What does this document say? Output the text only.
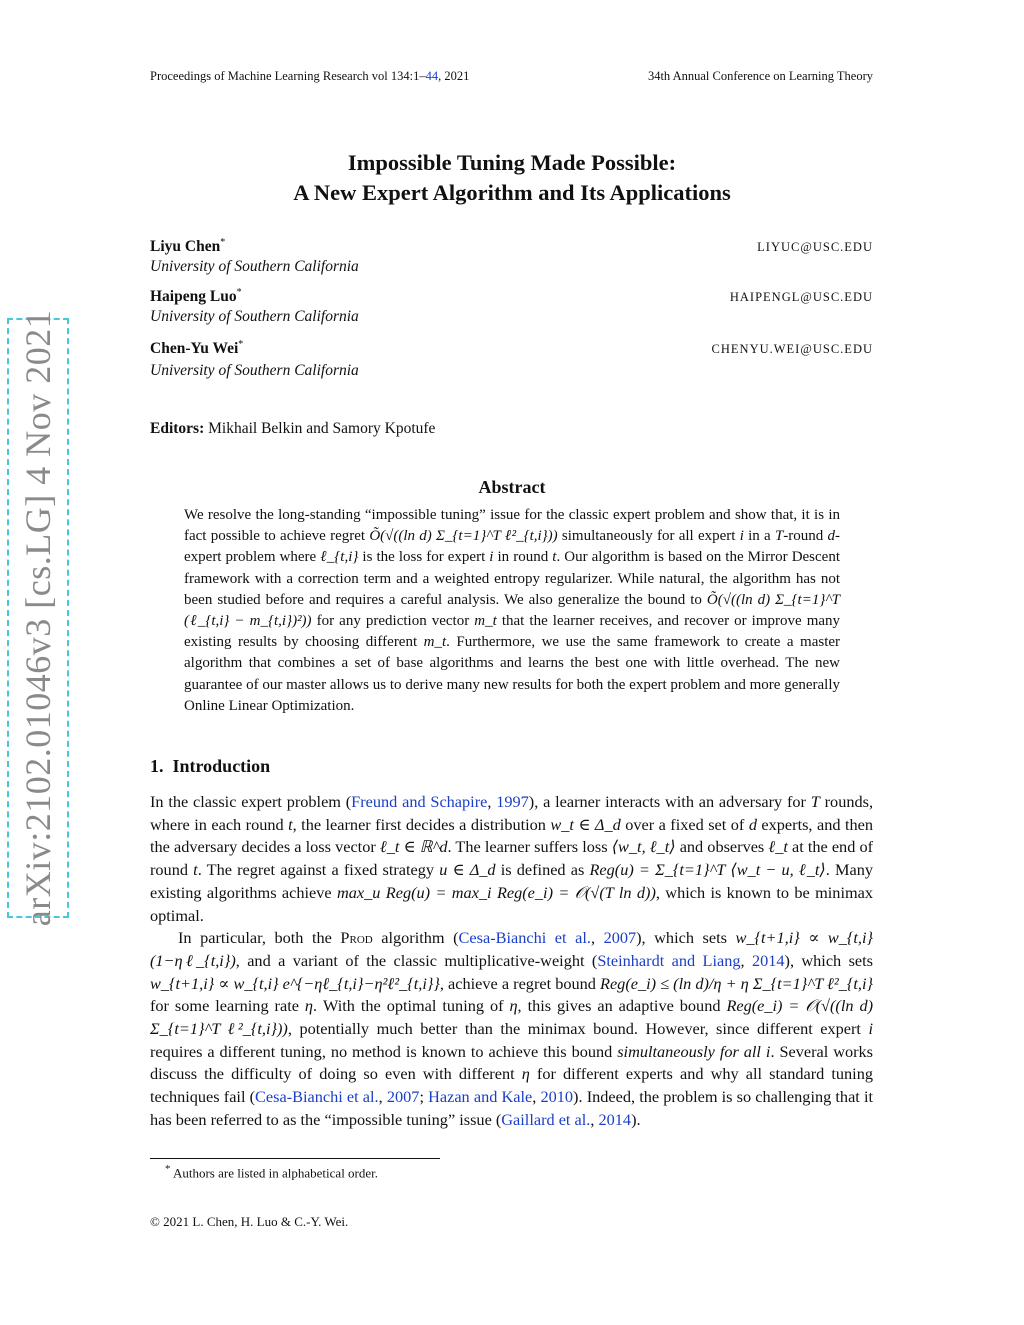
Proceedings of Machine Learning Research vol 134:1–44, 2021	34th Annual Conference on Learning Theory
arXiv:2102.01046v3 [cs.LG] 4 Nov 2021
Impossible Tuning Made Possible:
A New Expert Algorithm and Its Applications
Liyu Chen*	LIYUC@USC.EDU
University of Southern California
Haipeng Luo*	HAIPENGL@USC.EDU
University of Southern California
Chen-Yu Wei*	CHENYU.WEI@USC.EDU
University of Southern California
Editors: Mikhail Belkin and Samory Kpotufe
Abstract
We resolve the long-standing “impossible tuning” issue for the classic expert problem and show that, it is in fact possible to achieve regret Õ(√((ln d) Σ_{t=1}^T ℓ²_{t,i})) simultaneously for all expert i in a T-round d-expert problem where ℓ_{t,i} is the loss for expert i in round t. Our algorithm is based on the Mirror Descent framework with a correction term and a weighted entropy regularizer. While natural, the algorithm has not been studied before and requires a careful analysis. We also generalize the bound to Õ(√((ln d) Σ_{t=1}^T (ℓ_{t,i} − m_{t,i})²)) for any prediction vector m_t that the learner receives, and recover or improve many existing results by choosing different m_t. Furthermore, we use the same framework to create a master algorithm that combines a set of base algorithms and learns the best one with little overhead. The new guarantee of our master allows us to derive many new results for both the expert problem and more generally Online Linear Optimization.
1. Introduction

In the classic expert problem (Freund and Schapire, 1997), a learner interacts with an adversary for T rounds, where in each round t, the learner first decides a distribution w_t ∈ Δ_d over a fixed set of d experts, and then the adversary decides a loss vector ℓ_t ∈ ℝ^d. The learner suffers loss ⟨w_t, ℓ_t⟩ and observes ℓ_t at the end of round t. The regret against a fixed strategy u ∈ Δ_d is defined as Reg(u) = Σ_{t=1}^T ⟨w_t − u, ℓ_t⟩. Many existing algorithms achieve max_u Reg(u) = max_i Reg(e_i) = 𝒪(√(T ln d)), which is known to be minimax optimal.

In particular, both the Prod algorithm (Cesa-Bianchi et al., 2007), which sets w_{t+1,i} ∝ w_{t,i}(1−ηℓ_{t,i}), and a variant of the classic multiplicative-weight (Steinhardt and Liang, 2014), which sets w_{t+1,i} ∝ w_{t,i} e^{−ηℓ_{t,i}−η²ℓ²_{t,i}}, achieve a regret bound Reg(e_i) ≤ (ln d)/η + η Σ_{t=1}^T ℓ²_{t,i} for some learning rate η. With the optimal tuning of η, this gives an adaptive bound Reg(e_i) = 𝒪(√((ln d) Σ_{t=1}^T ℓ²_{t,i})), potentially much better than the minimax bound. However, since different expert i requires a different tuning, no method is known to achieve this bound simultaneously for all i. Several works discuss the difficulty of doing so even with different η for different experts and why all standard tuning techniques fail (Cesa-Bianchi et al., 2007; Hazan and Kale, 2010). Indeed, the problem is so challenging that it has been referred to as the “impossible tuning” issue (Gaillard et al., 2014).

* Authors are listed in alphabetical order.
© 2021 L. Chen, H. Luo & C.-Y. Wei.
